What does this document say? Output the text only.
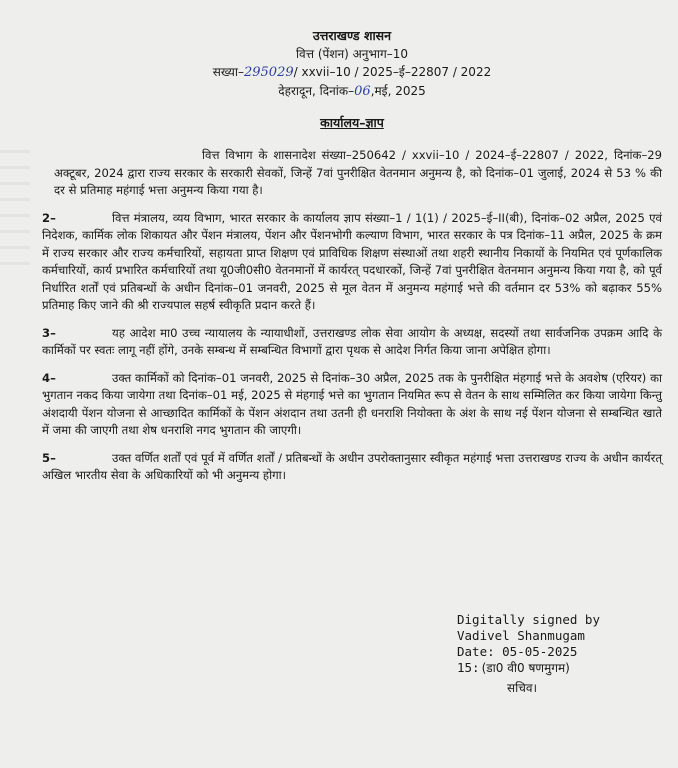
उत्तराखण्ड शासन
वित्त (पेंशन) अनुभाग–10
सख्या–295029/ xxvii–10 / 2025–ई–22807 / 2022
देहरादून, दिनांक–06,मई, 2025
कार्यालय–ज्ञाप

वित्त विभाग के शासनादेश संख्या–250642 / xxvii–10 / 2024–ई–22807 / 2022, दिनांक–29 अक्टूबर, 2024 द्वारा राज्य सरकार के सरकारी सेवकों, जिन्हें 7वां पुनरीक्षित वेतनमान अनुमन्य है, को दिनांक–01 जुलाई, 2024 से 53 % की दर से प्रतिमाह महंगाई भत्ता अनुमन्य किया गया है।

2–	वित्त मंत्रालय, व्यय विभाग, भारत सरकार के कार्यालय ज्ञाप संख्या–1 / 1(1) / 2025–ई–II(बी), दिनांक–02 अप्रैल, 2025 एवं निदेशक, कार्मिक लोक शिकायत और पेंशन मंत्रालय, पेंशन और पेंशनभोगी कल्याण विभाग, भारत सरकार के पत्र दिनांक–11 अप्रैल, 2025 के क्रम में राज्य सरकार और राज्य कर्मचारियों, सहायता प्राप्त शिक्षण एवं प्राविधिक शिक्षण संस्थाओं तथा शहरी स्थानीय निकायों के नियमित एवं पूर्णकालिक कर्मचारियों, कार्य प्रभारित कर्मचारियों तथा यू0जी0सी0 वेतनमानों में कार्यरत् पदधारकों, जिन्हें 7वां पुनरीक्षित वेतनमान अनुमन्य किया गया है, को पूर्व निर्धारित शर्तों एवं प्रतिबन्धों के अधीन दिनांक–01 जनवरी, 2025 से मूल वेतन में अनुमन्य महंगाई भत्ते की वर्तमान दर 53% को बढ़ाकर 55% प्रतिमाह किए जाने की श्री राज्यपाल सहर्ष स्वीकृति प्रदान करते हैं।

3–	यह आदेश मा0 उच्च न्यायालय के न्यायाधीशों, उत्तराखण्ड लोक सेवा आयोग के अध्यक्ष, सदस्यों तथा सार्वजनिक उपक्रम आदि के कार्मिकों पर स्वतः लागू नहीं होंगे, उनके सम्बन्ध में सम्बन्धित विभागों द्वारा पृथक से आदेश निर्गत किया जाना अपेक्षित होगा।

4–	उक्त कार्मिकों को दिनांक–01 जनवरी, 2025 से दिनांक–30 अप्रैल, 2025 तक के पुनरीक्षित मंहगाई भत्ते के अवशेष (एरियर) का भुगतान नकद किया जायेगा तथा दिनांक–01 मई, 2025 से मंहगाई भत्ते का भुगतान नियमित रूप से वेतन के साथ सम्मिलित कर किया जायेगा किन्तु अंशदायी पेंशन योजना से आच्छादित कार्मिकों के पेंशन अंशदान तथा उतनी ही धनराशि नियोक्ता के अंश के साथ नई पेंशन योजना से सम्बन्धित खाते में जमा की जाएगी तथा शेष धनराशि नगद भुगतान की जाएगी।

5–	उक्त वर्णित शर्तों एवं पूर्व में वर्णित शर्तों / प्रतिबन्धों के अधीन उपरोक्तानुसार स्वीकृत महंगाई भत्ता उत्तराखण्ड राज्य के अधीन कार्यरत् अखिल भारतीय सेवा के अधिकारियों को भी अनुमन्य होगा।

Digitally signed by
Vadivel Shanmugam
Date: 05-05-2025
15: (डा0 वी0 षणमुगम)
सचिव।
